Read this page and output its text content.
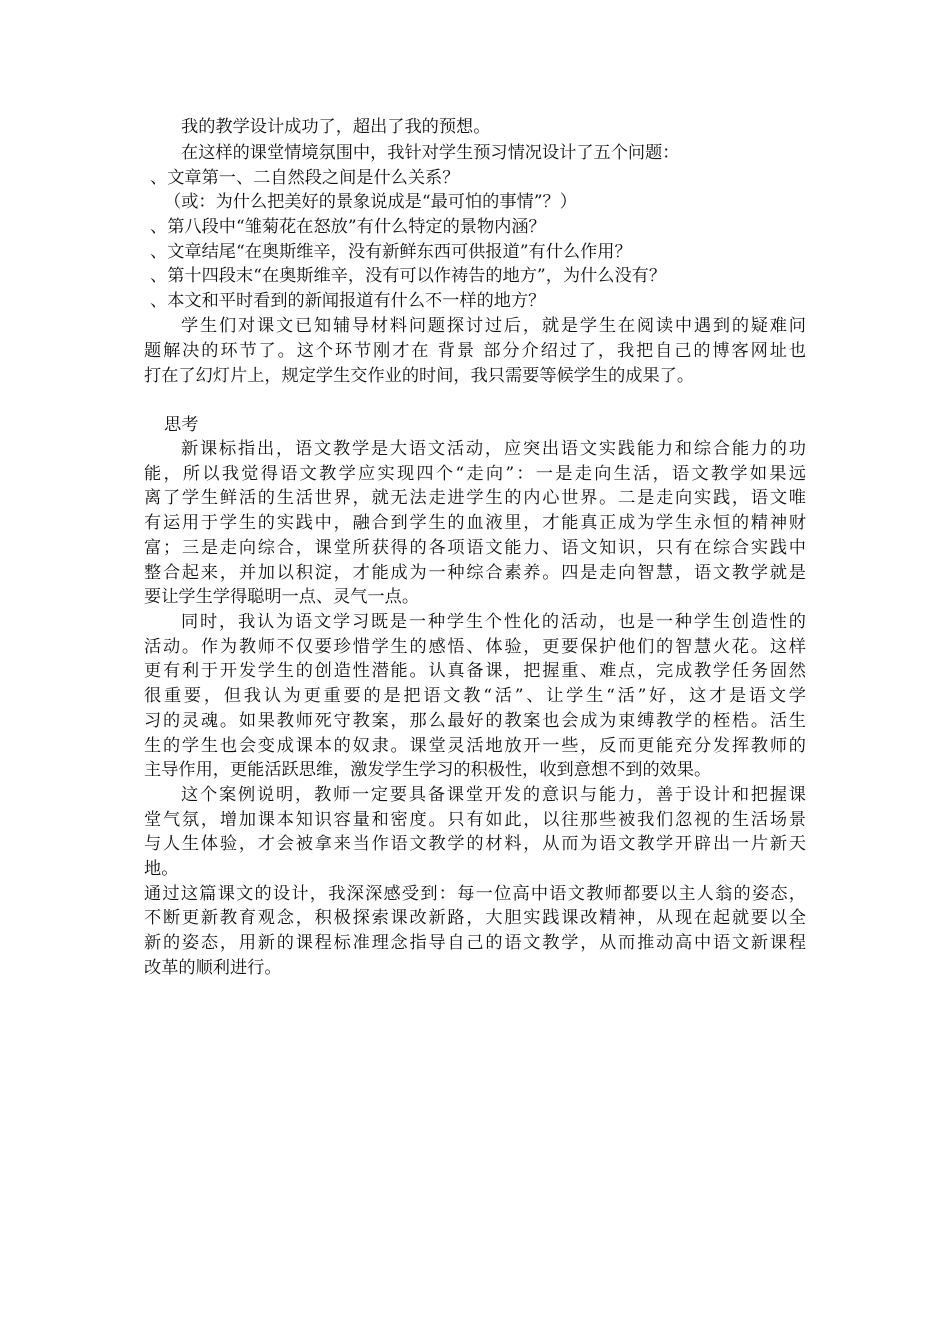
我的教学设计成功了，超出了我的预想。
在这样的课堂情境氛围中，我针对学生预习情况设计了五个问题：
、文章第一、二自然段之间是什么关系？
（或：为什么把美好的景象说成是“最可怕的事情”？）
、第八段中“雏菊花在怒放”有什么特定的景物内涵？
、文章结尾“在奥斯维辛，没有新鲜东西可供报道”有什么作用？
、第十四段末“在奥斯维辛，没有可以作祷告的地方”，为什么没有？
、本文和平时看到的新闻报道有什么不一样的地方？
学生们对课文已知辅导材料问题探讨过后，就是学生在阅读中遇到的疑难问
题解决的环节了。这个环节刚才在 背景 部分介绍过了，我把自己的博客网址也
打在了幻灯片上，规定学生交作业的时间，我只需要等候学生的成果了。
思考
新课标指出，语文教学是大语文活动，应突出语文实践能力和综合能力的功
能，所以我觉得语文教学应实现四个“走向”：一是走向生活，语文教学如果远
离了学生鲜活的生活世界，就无法走进学生的内心世界。二是走向实践，语文唯
有运用于学生的实践中，融合到学生的血液里，才能真正成为学生永恒的精神财
富；三是走向综合，课堂所获得的各项语文能力、语文知识，只有在综合实践中
整合起来，并加以积淀，才能成为一种综合素养。四是走向智慧，语文教学就是
要让学生学得聪明一点、灵气一点。
同时，我认为语文学习既是一种学生个性化的活动，也是一种学生创造性的
活动。作为教师不仅要珍惜学生的感悟、体验，更要保护他们的智慧火花。这样
更有利于开发学生的创造性潜能。认真备课，把握重、难点，完成教学任务固然
很重要，但我认为更重要的是把语文教“活”、让学生“活”好，这才是语文学
习的灵魂。如果教师死守教案，那么最好的教案也会成为束缚教学的桎梏。活生
生的学生也会变成课本的奴隶。课堂灵活地放开一些，反而更能充分发挥教师的
主导作用，更能活跃思维，激发学生学习的积极性，收到意想不到的效果。
这个案例说明，教师一定要具备课堂开发的意识与能力，善于设计和把握课
堂气氛，增加课本知识容量和密度。只有如此，以往那些被我们忽视的生活场景
与人生体验，才会被拿来当作语文教学的材料，从而为语文教学开辟出一片新天
地。
通过这篇课文的设计，我深深感受到：每一位高中语文教师都要以主人翁的姿态，
不断更新教育观念，积极探索课改新路，大胆实践课改精神，从现在起就要以全
新的姿态，用新的课程标准理念指导自己的语文教学，从而推动高中语文新课程
改革的顺利进行。
